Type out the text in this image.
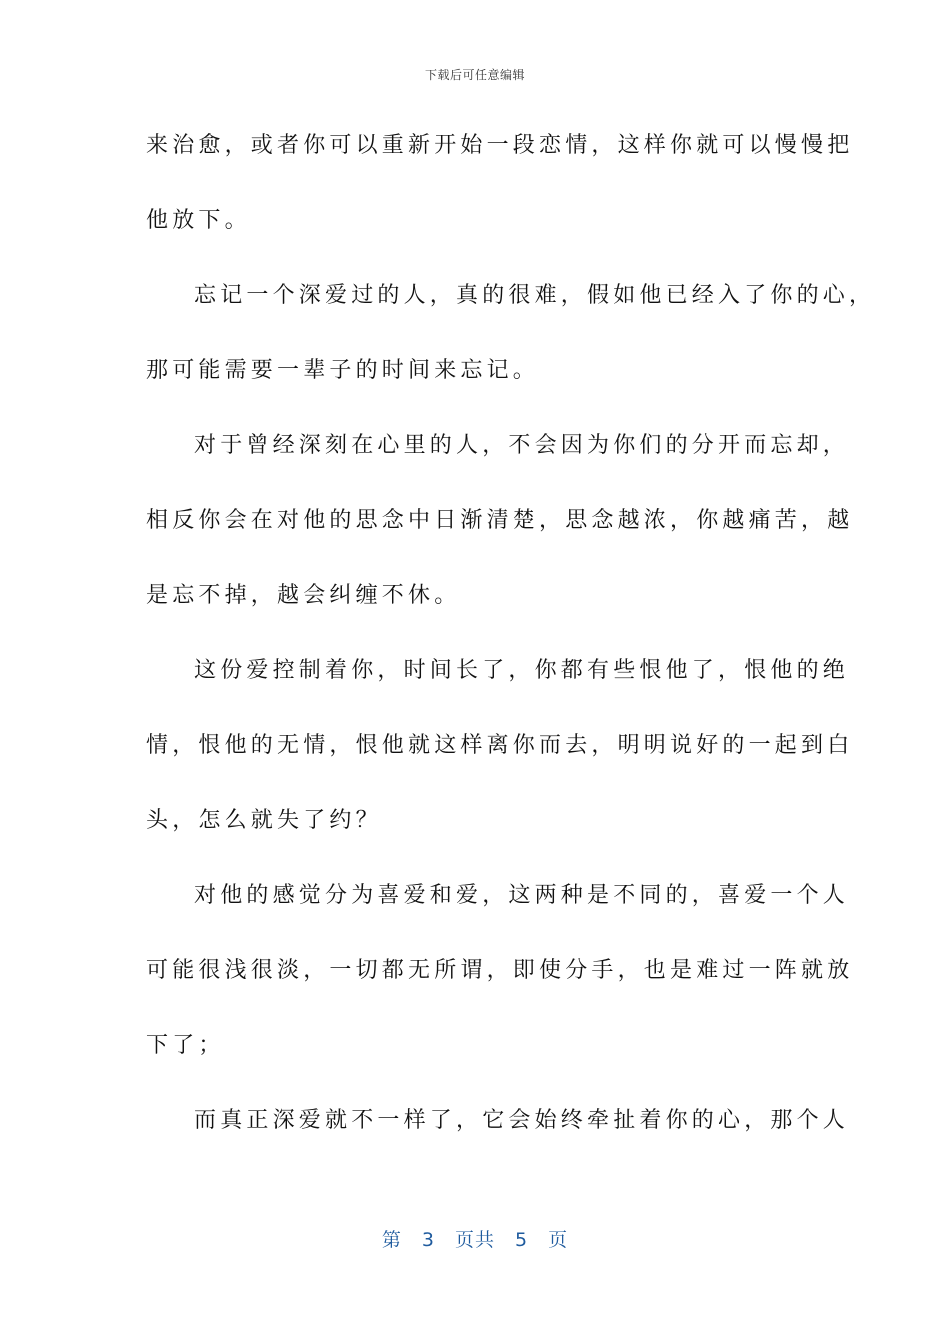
下载后可任意编辑
来治愈，或者你可以重新开始一段恋情，这样你就可以慢慢把
他放下。
忘记一个深爱过的人，真的很难，假如他已经入了你的心，
那可能需要一辈子的时间来忘记。
对于曾经深刻在心里的人，不会因为你们的分开而忘却，
相反你会在对他的思念中日渐清楚，思念越浓，你越痛苦，越
是忘不掉，越会纠缠不休。
这份爱控制着你，时间长了，你都有些恨他了，恨他的绝
情，恨他的无情，恨他就这样离你而去，明明说好的一起到白
头，怎么就失了约？
对他的感觉分为喜爱和爱，这两种是不同的，喜爱一个人
可能很浅很淡，一切都无所谓，即使分手，也是难过一阵就放
下了；
而真正深爱就不一样了，它会始终牵扯着你的心，那个人
第 3 页共 5 页
